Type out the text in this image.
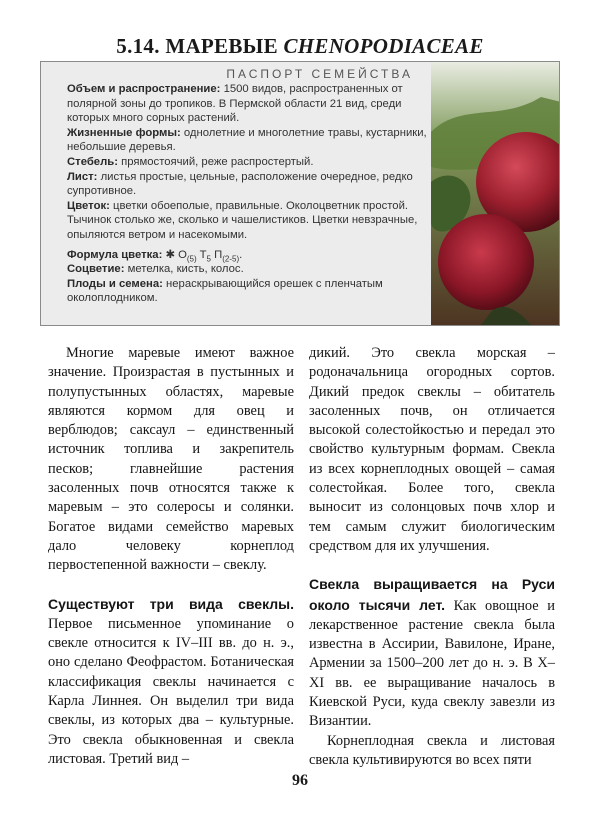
5.14. МАРЕВЫЕ CHENOPODIACEAE
ПАСПОРТ СЕМЕЙСТВА

Объем и распространение: 1500 видов, распространенных от полярной зоны до тропиков. В Пермской области 21 вид, среди которых много сорных растений.

Жизненные формы: однолетние и многолетние травы, кустарники, небольшие деревья.

Стебель: прямостоячий, реже распростертый.

Лист: листья простые, цельные, расположение очередное, редко супротивное.

Цветок: цветки обоеполые, правильные. Околоцветник простой. Тычинок столько же, сколько и чашелистиков. Цветки невзрачные, опыляются ветром и насекомыми.

Формула цветка: ✱ $O_{(5)}$ $T_5$ $П_{(2-5)}$.

Соцветие: метелка, кисть, колос.

Плоды и семена: нераскрывающийся орешек с пленчатым околоплодником.

Многие маревые имеют важное значение. Произрастая в пустынных и полупустынных областях, маревые являются кормом для овец и верблюдов; саксаул – единственный источник топлива и закрепитель песков; главнейшие растения засоленных почв относятся также к маревым – это солеросы и солянки. Богатое видами семейство маревых дало человеку корнеплод первостепенной важности – свеклу.

Существуют три вида свеклы. Первое письменное упоминание о свекле относится к IV–III вв. до н. э., оно сделано Феофрастом. Ботаническая классификация свеклы начинается с Карла Линнея. Он выделил три вида свеклы, из которых два – культурные. Это свекла обыкновенная и свекла листовая. Третий вид –

дикий. Это свекла морская – родоначальница огородных сортов. Дикий предок свеклы – обитатель засоленных почв, он отличается высокой солестойкостью и передал это свойство культурным формам. Свекла из всех корнеплодных овощей – самая солестойкая. Более того, свекла выносит из солонцовых почв хлор и тем самым служит биологическим средством для их улучшения.

Свекла выращивается на Руси около тысячи лет. Как овощное и лекарственное растение свекла была известна в Ассирии, Вавилоне, Иране, Армении за 1500–200 лет до н. э. В X–XI вв. ее выращивание началось в Киевской Руси, куда свеклу завезли из Византии.

Корнеплодная свекла и листовая свекла культивируются во всех пяти

96
